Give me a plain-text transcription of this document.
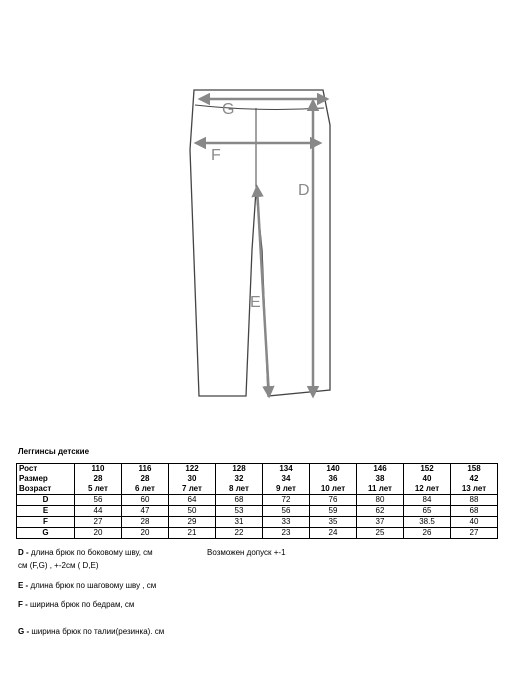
G
F
D
E
Леггинсы детские
Рост	110	116	122	128	134	140	146	152	158
Размер	28	28	30	32	34	36	38	40	42
Возраст	5 лет	6 лет	7 лет	8 лет	9 лет	10 лет	11 лет	12 лет	13 лет
D	56	60	64	68	72	76	80	84	88
E	44	47	50	53	56	59	62	65	68
F	27	28	29	31	33	35	37	38.5	40
G	20	20	21	22	23	24	25	26	27
D - длина брюк по боковому шву, см	Возможен допуск +-1
см (F,G) , +-2см ( D,E)
E - длина брюк по шаговому шву , см
F - ширина брюк по бедрам, см
G - ширина брюк по талии(резинка). см
